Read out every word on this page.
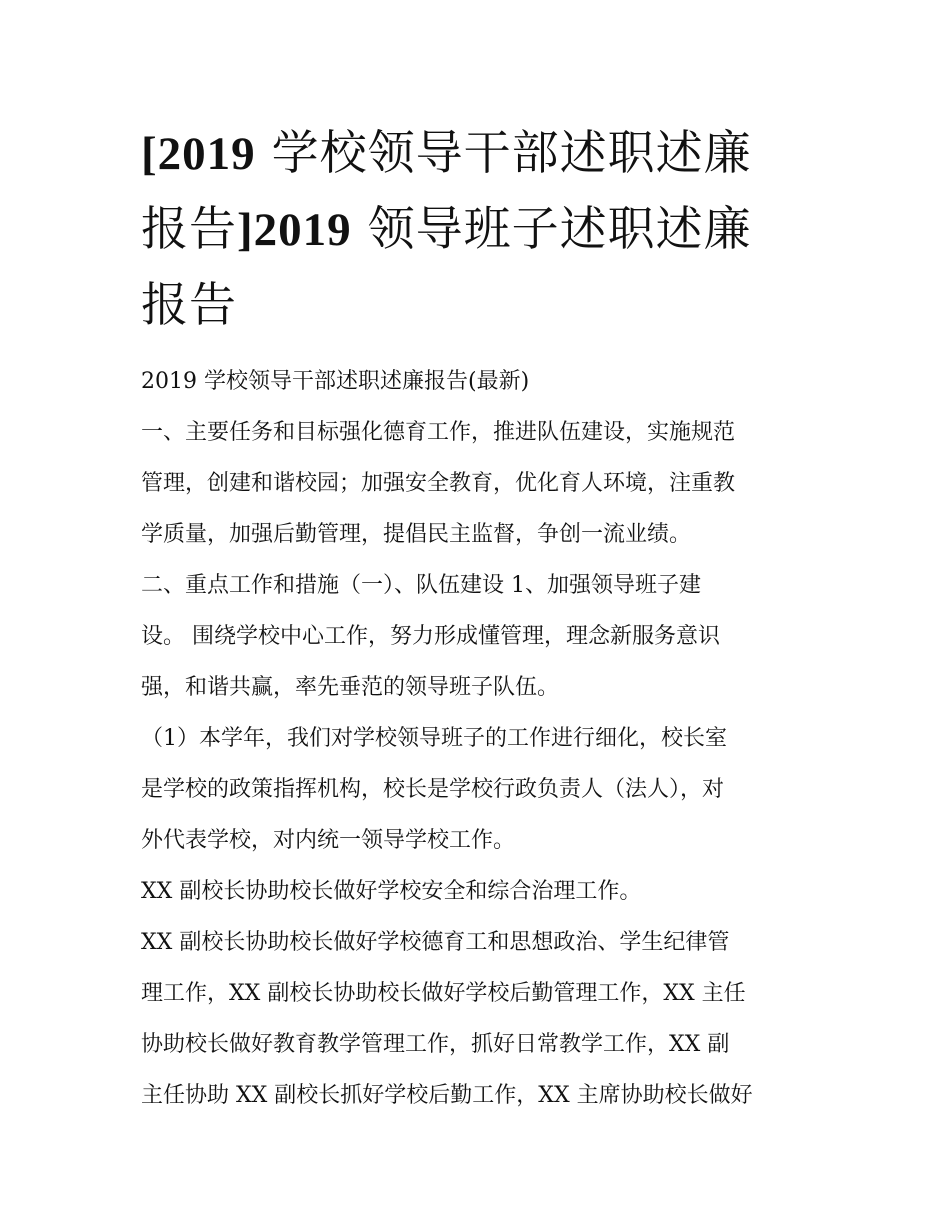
[2019 学校领导干部述职述廉
报告]2019 领导班子述职述廉
报告
2019 学校领导干部述职述廉报告(最新)
一、主要任务和目标强化德育工作，推进队伍建设，实施规范
管理，创建和谐校园；加强安全教育，优化育人环境，注重教
学质量，加强后勤管理，提倡民主监督，争创一流业绩。
二、重点工作和措施（一）、队伍建设 1、加强领导班子建
设。 围绕学校中心工作，努力形成懂管理，理念新服务意识
强，和谐共赢，率先垂范的领导班子队伍。
（1）本学年，我们对学校领导班子的工作进行细化，校长室
是学校的政策指挥机构，校长是学校行政负责人（法人），对
外代表学校，对内统一领导学校工作。
XX 副校长协助校长做好学校安全和综合治理工作。
XX 副校长协助校长做好学校德育工和思想政治、学生纪律管
理工作，XX 副校长协助校长做好学校后勤管理工作，XX 主任
协助校长做好教育教学管理工作，抓好日常教学工作，XX 副
主任协助 XX 副校长抓好学校后勤工作，XX 主席协助校长做好
